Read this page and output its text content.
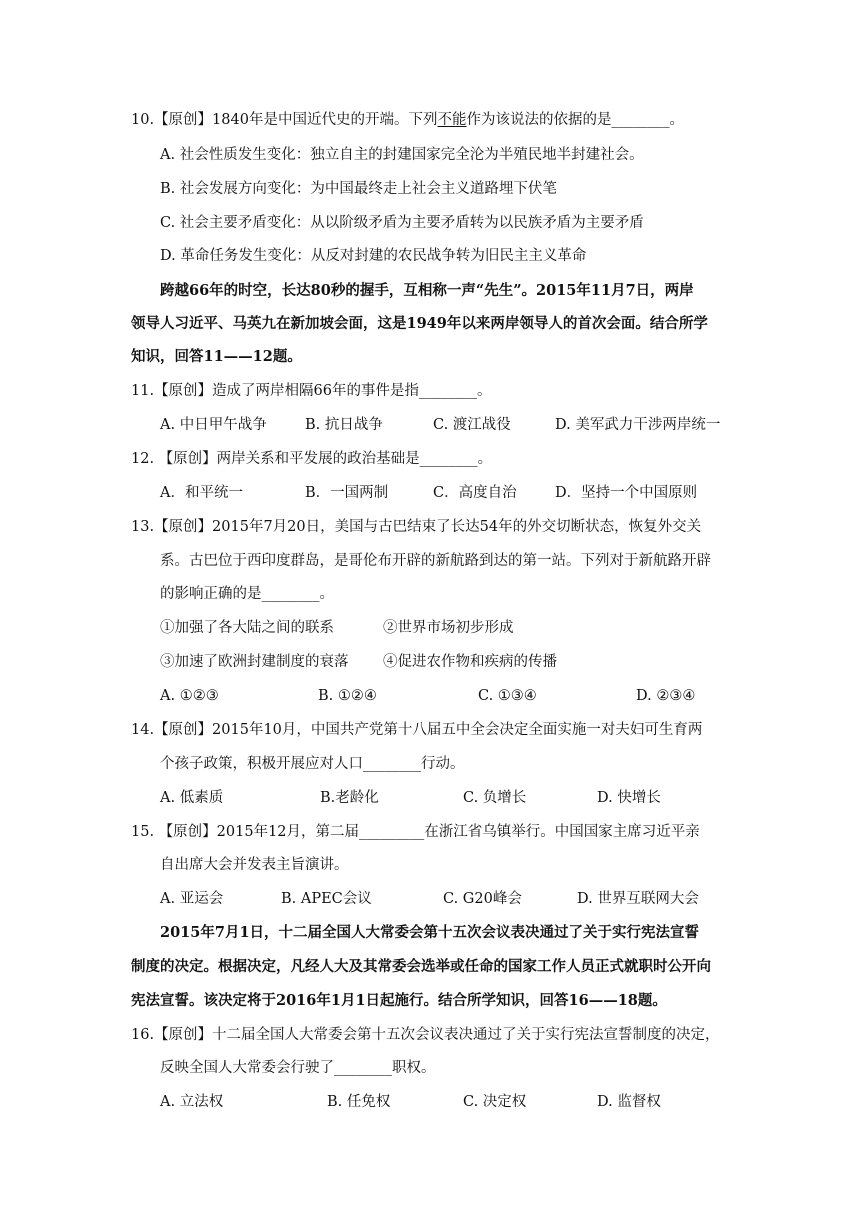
10.【原创】1840年是中国近代史的开端。下列不能作为该说法的依据的是________。
A. 社会性质发生变化：独立自主的封建国家完全沦为半殖民地半封建社会。
B. 社会发展方向变化：为中国最终走上社会主义道路埋下伏笔
C. 社会主要矛盾变化：从以阶级矛盾为主要矛盾转为以民族矛盾为主要矛盾
D. 革命任务发生变化：从反对封建的农民战争转为旧民主主义革命
跨越66年的时空，长达80秒的握手，互相称一声“先生”。2015年11月7日，两岸
领导人习近平、马英九在新加坡会面，这是1949年以来两岸领导人的首次会面。结合所学
知识，回答11——12题。
11.【原创】造成了两岸相隔66年的事件是指________。
A. 中日甲午战争	B. 抗日战争	C. 渡江战役	D. 美军武力干涉两岸统一
12. 【原创】两岸关系和平发展的政治基础是________。
A．和平统一	B．一国两制	C．高度自治	D．坚持一个中国原则
13.【原创】2015年7月20日，美国与古巴结束了长达54年的外交切断状态，恢复外交关
系。古巴位于西印度群岛，是哥伦布开辟的新航路到达的第一站。下列对于新航路开辟
的影响正确的是________。
①加强了各大陆之间的联系	②世界市场初步形成
③加速了欧洲封建制度的衰落 ④促进农作物和疾病的传播
A. ①②③	B. ①②④	C. ①③④	D. ②③④
14.【原创】2015年10月，中国共产党第十八届五中全会决定全面实施一对夫妇可生育两
个孩子政策，积极开展应对人口________行动。
A. 低素质	B.老龄化	C. 负增长	D. 快增长
15. 【原创】2015年12月，第二届_________在浙江省乌镇举行。中国国家主席习近平亲
自出席大会并发表主旨演讲。
A. 亚运会	B. APEC会议	C. G20峰会	D. 世界互联网大会
2015年7月1日，十二届全国人大常委会第十五次会议表决通过了关于实行宪法宣誓
制度的决定。根据决定，凡经人大及其常委会选举或任命的国家工作人员正式就职时公开向
宪法宣誓。该决定将于2016年1月1日起施行。结合所学知识，回答16——18题。
16.【原创】十二届全国人大常委会第十五次会议表决通过了关于实行宪法宣誓制度的决定，
反映全国人大常委会行驶了________职权。
A. 立法权	B. 任免权	C. 决定权	D. 监督权
